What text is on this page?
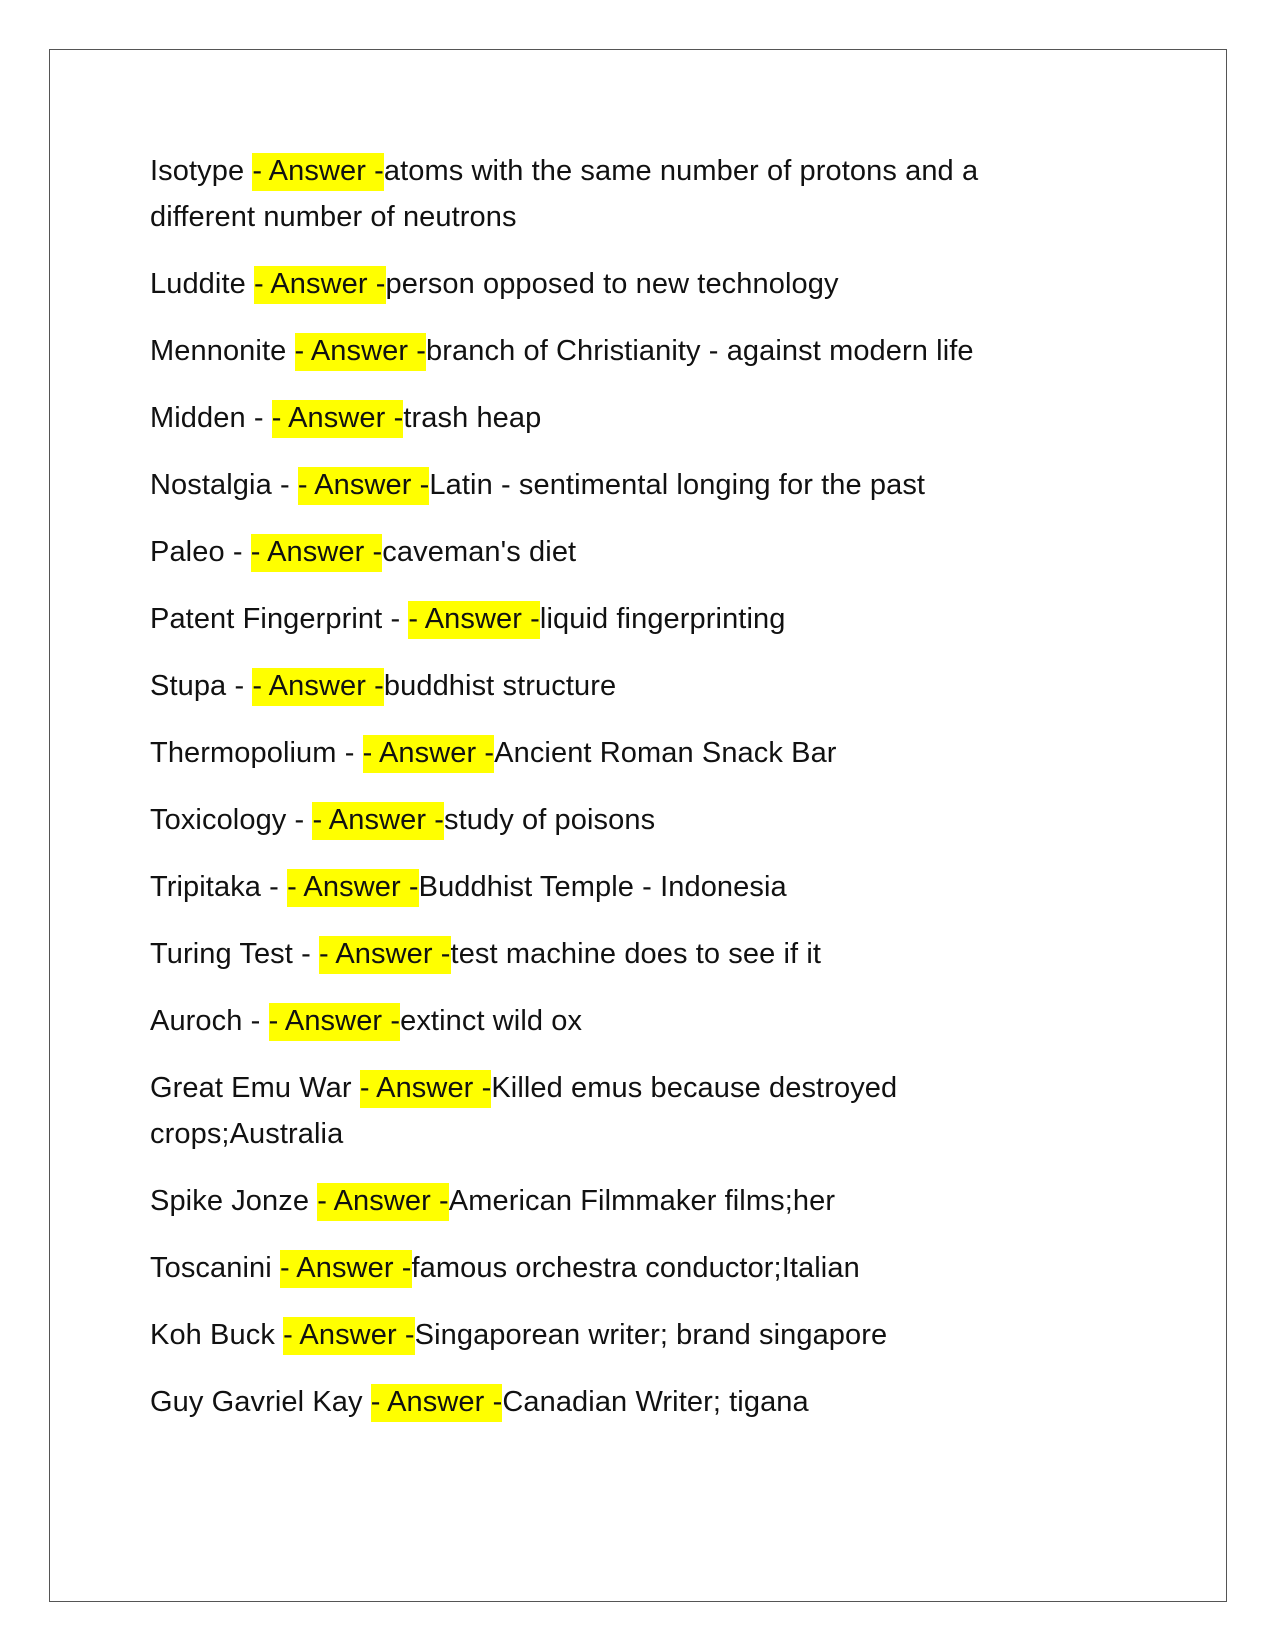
Isotype - Answer -atoms with the same number of protons and a different number of neutrons
Luddite - Answer -person opposed to new technology
Mennonite - Answer -branch of Christianity - against modern life
Midden - - Answer -trash heap
Nostalgia - - Answer -Latin - sentimental longing for the past
Paleo - - Answer -caveman's diet
Patent Fingerprint - - Answer -liquid fingerprinting
Stupa - - Answer -buddhist structure
Thermopolium - - Answer -Ancient Roman Snack Bar
Toxicology - - Answer -study of poisons
Tripitaka - - Answer -Buddhist Temple - Indonesia
Turing Test - - Answer -test machine does to see if it
Auroch - - Answer -extinct wild ox
Great Emu War - Answer -Killed emus because destroyed crops;Australia
Spike Jonze - Answer -American Filmmaker films;her
Toscanini - Answer -famous orchestra conductor;Italian
Koh Buck - Answer -Singaporean writer; brand singapore
Guy Gavriel Kay - Answer -Canadian Writer; tigana
